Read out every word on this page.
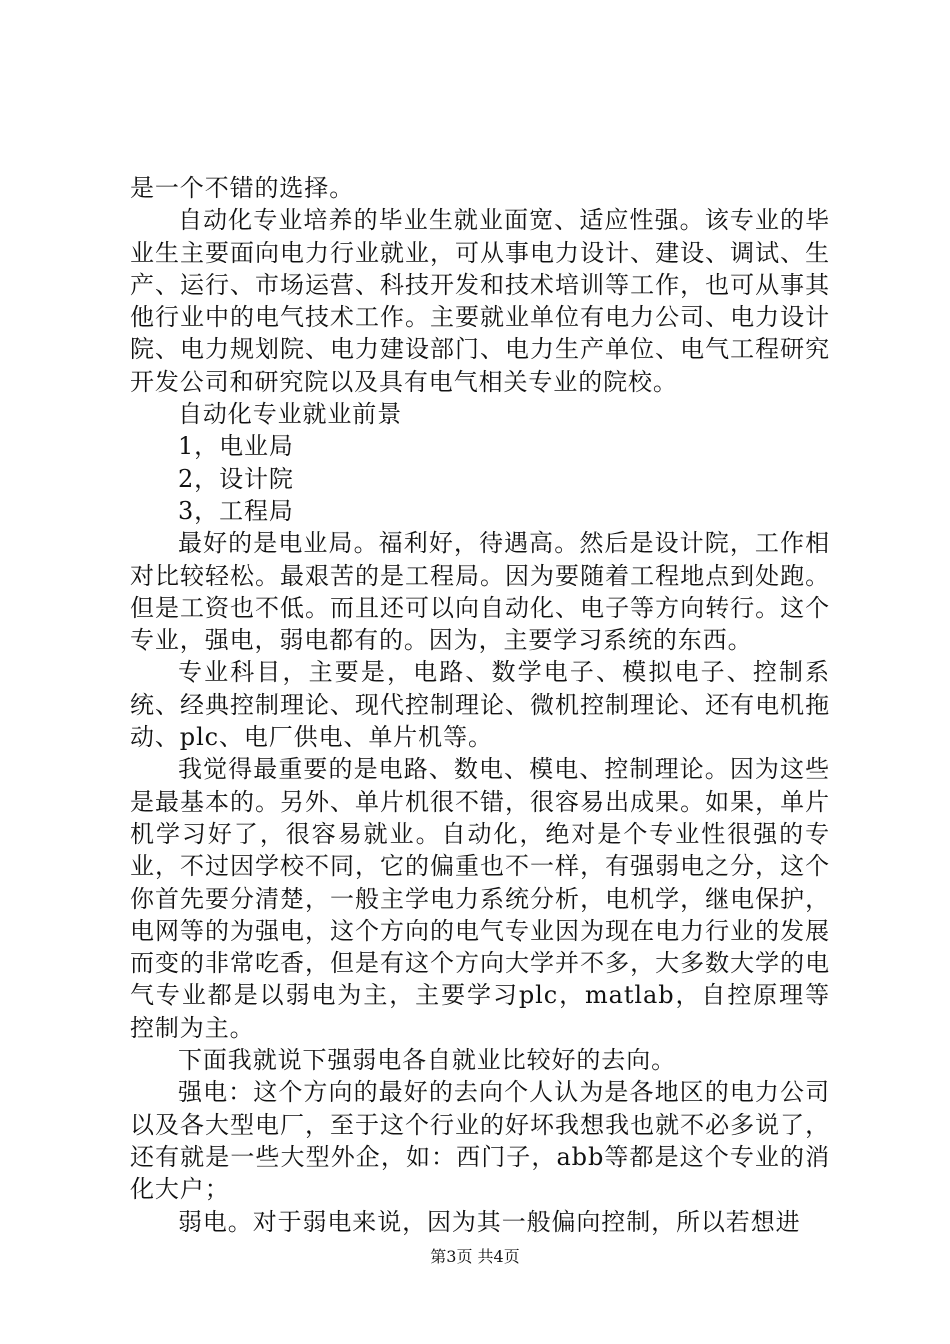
是一个不错的选择。

自动化专业培养的毕业生就业面宽、适应性强。该专业的毕业生主要面向电力行业就业，可从事电力设计、建设、调试、生产、运行、市场运营、科技开发和技术培训等工作，也可从事其他行业中的电气技术工作。主要就业单位有电力公司、电力设计院、电力规划院、电力建设部门、电力生产单位、电气工程研究开发公司和研究院以及具有电气相关专业的院校。

自动化专业就业前景

1，电业局

2，设计院

3，工程局

最好的是电业局。福利好，待遇高。然后是设计院，工作相对比较轻松。最艰苦的是工程局。因为要随着工程地点到处跑。但是工资也不低。而且还可以向自动化、电子等方向转行。这个专业，强电，弱电都有的。因为，主要学习系统的东西。

专业科目，主要是，电路、数学电子、模拟电子、控制系统、经典控制理论、现代控制理论、微机控制理论、还有电机拖动、plc、电厂供电、单片机等。

我觉得最重要的是电路、数电、模电、控制理论。因为这些是最基本的。另外、单片机很不错，很容易出成果。如果，单片机学习好了，很容易就业。自动化，绝对是个专业性很强的专业，不过因学校不同，它的偏重也不一样，有强弱电之分，这个你首先要分清楚，一般主学电力系统分析，电机学，继电保护，电网等的为强电，这个方向的电气专业因为现在电力行业的发展而变的非常吃香，但是有这个方向大学并不多，大多数大学的电气专业都是以弱电为主，主要学习plc，matlab，自控原理等控制为主。

下面我就说下强弱电各自就业比较好的去向。

强电：这个方向的最好的去向个人认为是各地区的电力公司以及各大型电厂，至于这个行业的好坏我想我也就不必多说了，还有就是一些大型外企，如：西门子，abb等都是这个专业的消化大户；

弱电。对于弱电来说，因为其一般偏向控制，所以若想进

第3页 共4页
